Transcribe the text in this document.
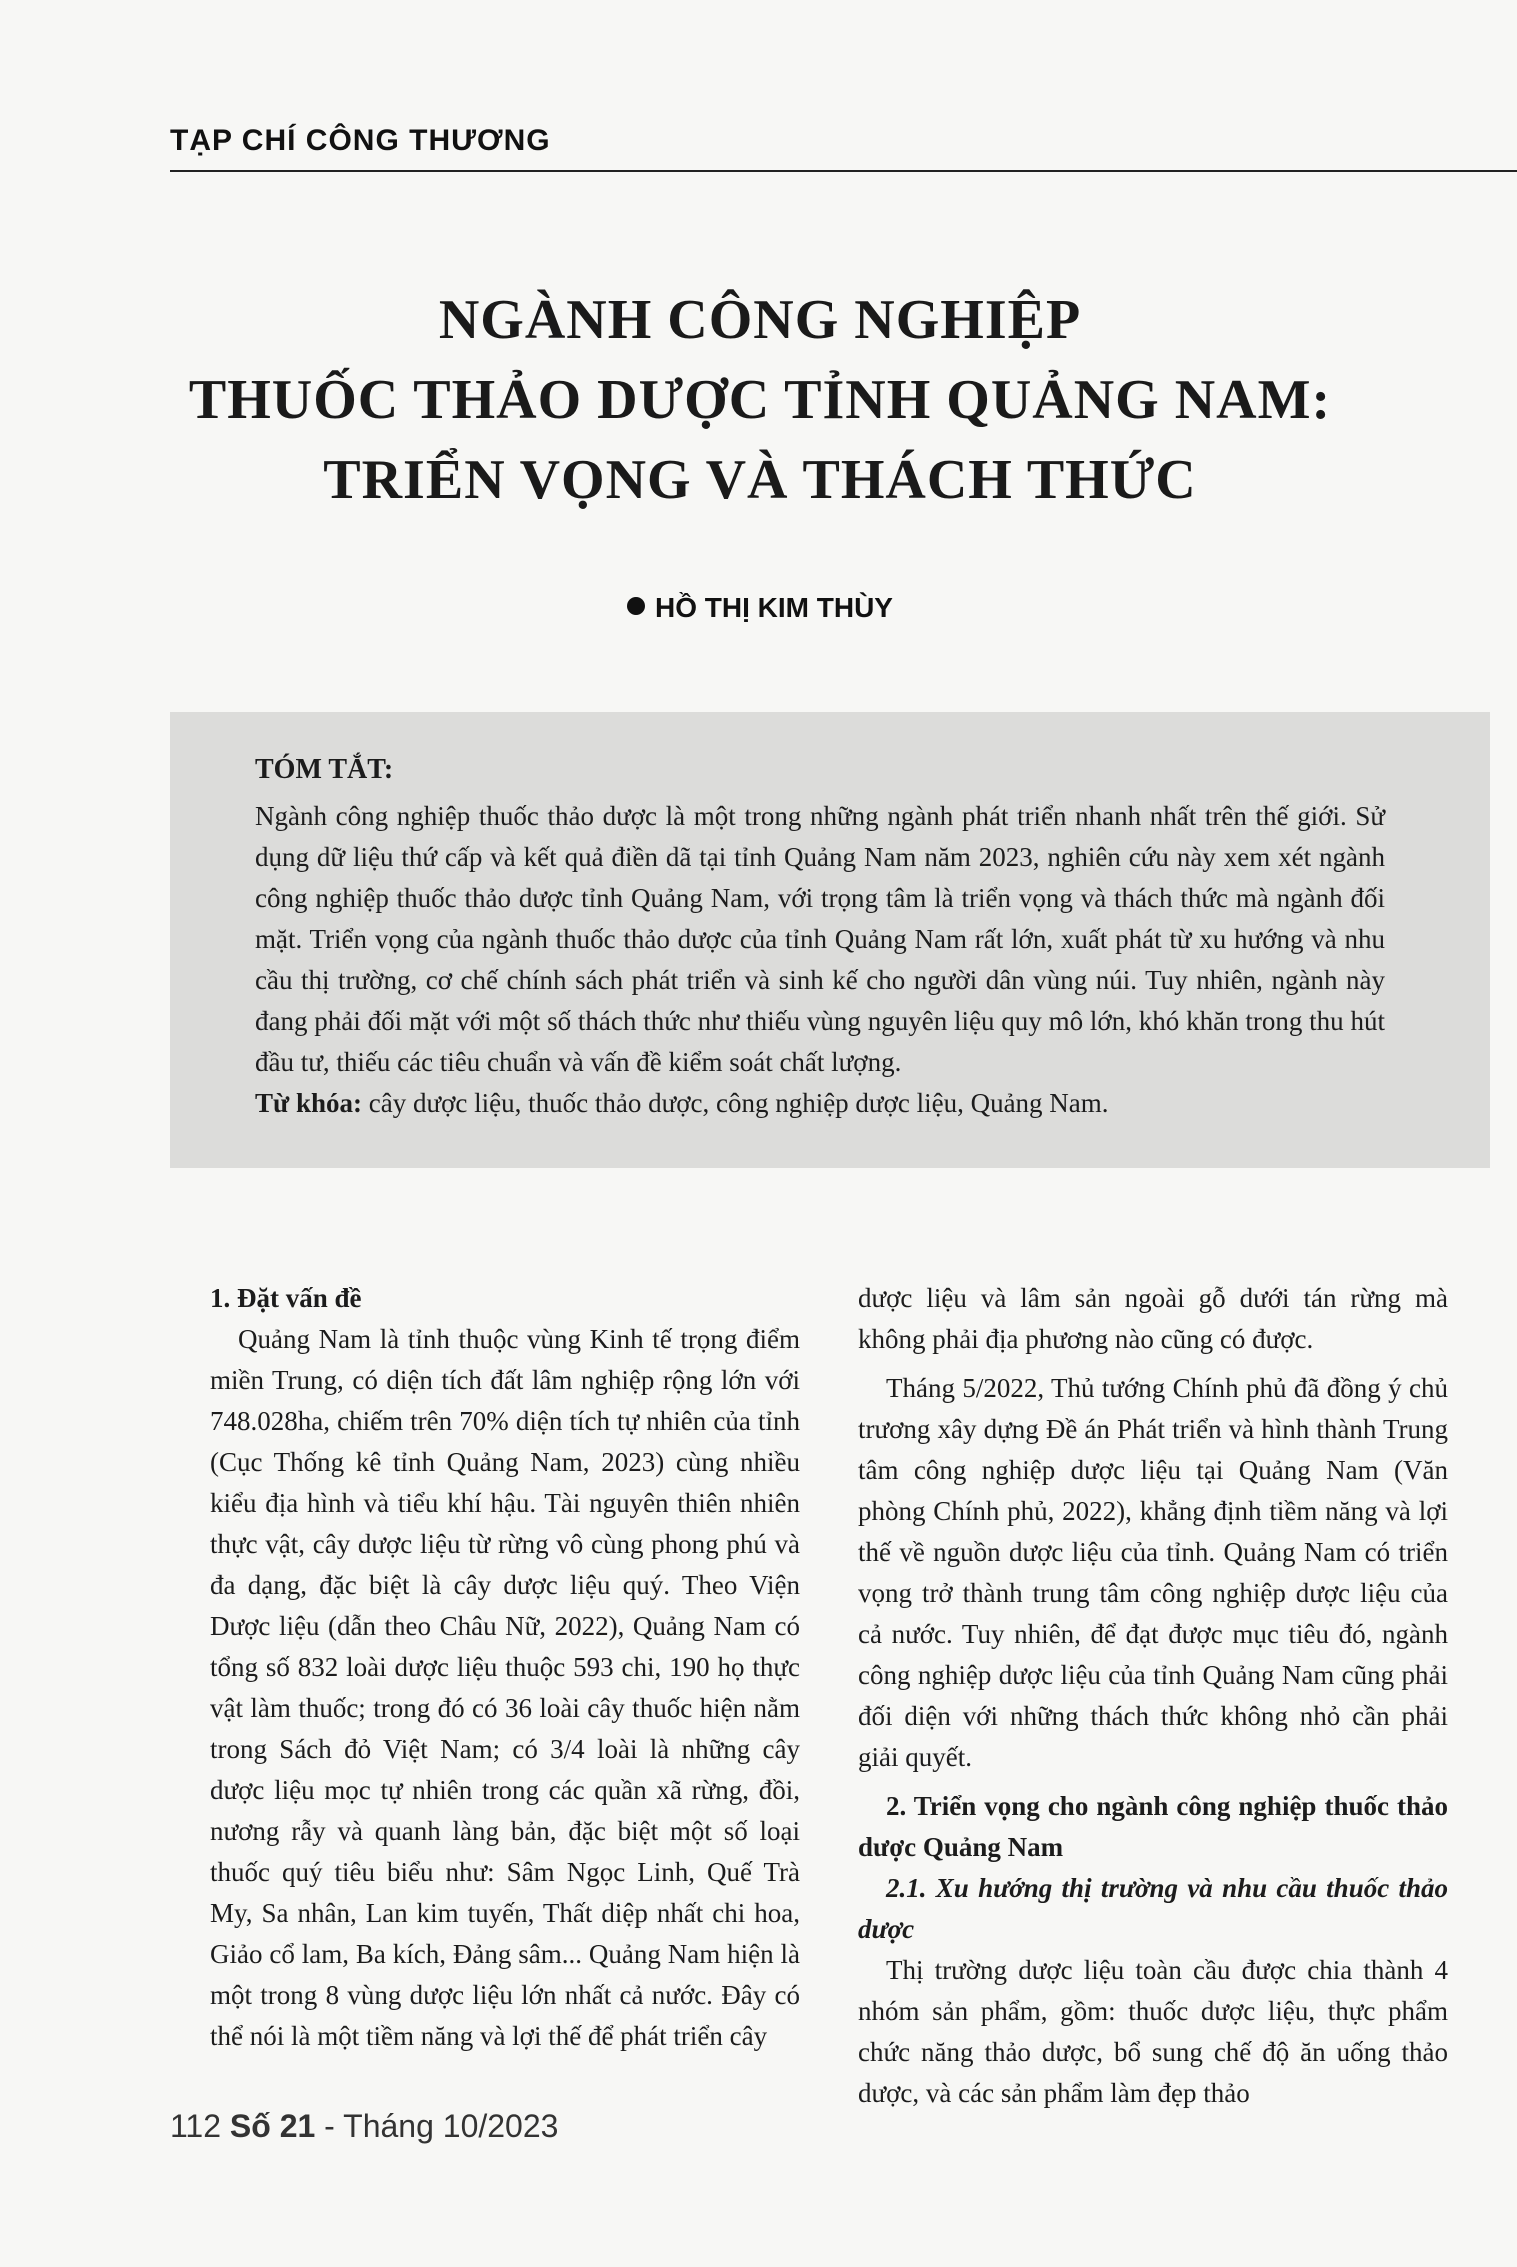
TẠP CHÍ CÔNG THƯƠNG
NGÀNH CÔNG NGHIỆP
THUỐC THẢO DƯỢC TỈNH QUẢNG NAM:
TRIỂN VỌNG VÀ THÁCH THỨC
HỒ THỊ KIM THÙY
TÓM TẮT:

Ngành công nghiệp thuốc thảo dược là một trong những ngành phát triển nhanh nhất trên thế giới. Sử dụng dữ liệu thứ cấp và kết quả điền dã tại tỉnh Quảng Nam năm 2023, nghiên cứu này xem xét ngành công nghiệp thuốc thảo dược tỉnh Quảng Nam, với trọng tâm là triển vọng và thách thức mà ngành đối mặt. Triển vọng của ngành thuốc thảo dược của tỉnh Quảng Nam rất lớn, xuất phát từ xu hướng và nhu cầu thị trường, cơ chế chính sách phát triển và sinh kế cho người dân vùng núi. Tuy nhiên, ngành này đang phải đối mặt với một số thách thức như thiếu vùng nguyên liệu quy mô lớn, khó khăn trong thu hút đầu tư, thiếu các tiêu chuẩn và vấn đề kiểm soát chất lượng.

Từ khóa: cây dược liệu, thuốc thảo dược, công nghiệp dược liệu, Quảng Nam.

1. Đặt vấn đề

Quảng Nam là tỉnh thuộc vùng Kinh tế trọng điểm miền Trung, có diện tích đất lâm nghiệp rộng lớn với 748.028ha, chiếm trên 70% diện tích tự nhiên của tỉnh (Cục Thống kê tỉnh Quảng Nam, 2023) cùng nhiều kiểu địa hình và tiểu khí hậu. Tài nguyên thiên nhiên thực vật, cây dược liệu từ rừng vô cùng phong phú và đa dạng, đặc biệt là cây dược liệu quý. Theo Viện Dược liệu (dẫn theo Châu Nữ, 2022), Quảng Nam có tổng số 832 loài dược liệu thuộc 593 chi, 190 họ thực vật làm thuốc; trong đó có 36 loài cây thuốc hiện nằm trong Sách đỏ Việt Nam; có 3/4 loài là những cây dược liệu mọc tự nhiên trong các quần xã rừng, đồi, nương rẫy và quanh làng bản, đặc biệt một số loại thuốc quý tiêu biểu như: Sâm Ngọc Linh, Quế Trà My, Sa nhân, Lan kim tuyến, Thất diệp nhất chi hoa, Giảo cổ lam, Ba kích, Đảng sâm... Quảng Nam hiện là một trong 8 vùng dược liệu lớn nhất cả nước. Đây có thể nói là một tiềm năng và lợi thế để phát triển cây

dược liệu và lâm sản ngoài gỗ dưới tán rừng mà không phải địa phương nào cũng có được.

Tháng 5/2022, Thủ tướng Chính phủ đã đồng ý chủ trương xây dựng Đề án Phát triển và hình thành Trung tâm công nghiệp dược liệu tại Quảng Nam (Văn phòng Chính phủ, 2022), khẳng định tiềm năng và lợi thế về nguồn dược liệu của tỉnh. Quảng Nam có triển vọng trở thành trung tâm công nghiệp dược liệu của cả nước. Tuy nhiên, để đạt được mục tiêu đó, ngành công nghiệp dược liệu của tỉnh Quảng Nam cũng phải đối diện với những thách thức không nhỏ cần phải giải quyết.

2. Triển vọng cho ngành công nghiệp thuốc thảo dược Quảng Nam

2.1. Xu hướng thị trường và nhu cầu thuốc thảo dược

Thị trường dược liệu toàn cầu được chia thành 4 nhóm sản phẩm, gồm: thuốc dược liệu, thực phẩm chức năng thảo dược, bổ sung chế độ ăn uống thảo dược, và các sản phẩm làm đẹp thảo

112 Số 21 - Tháng 10/2023
